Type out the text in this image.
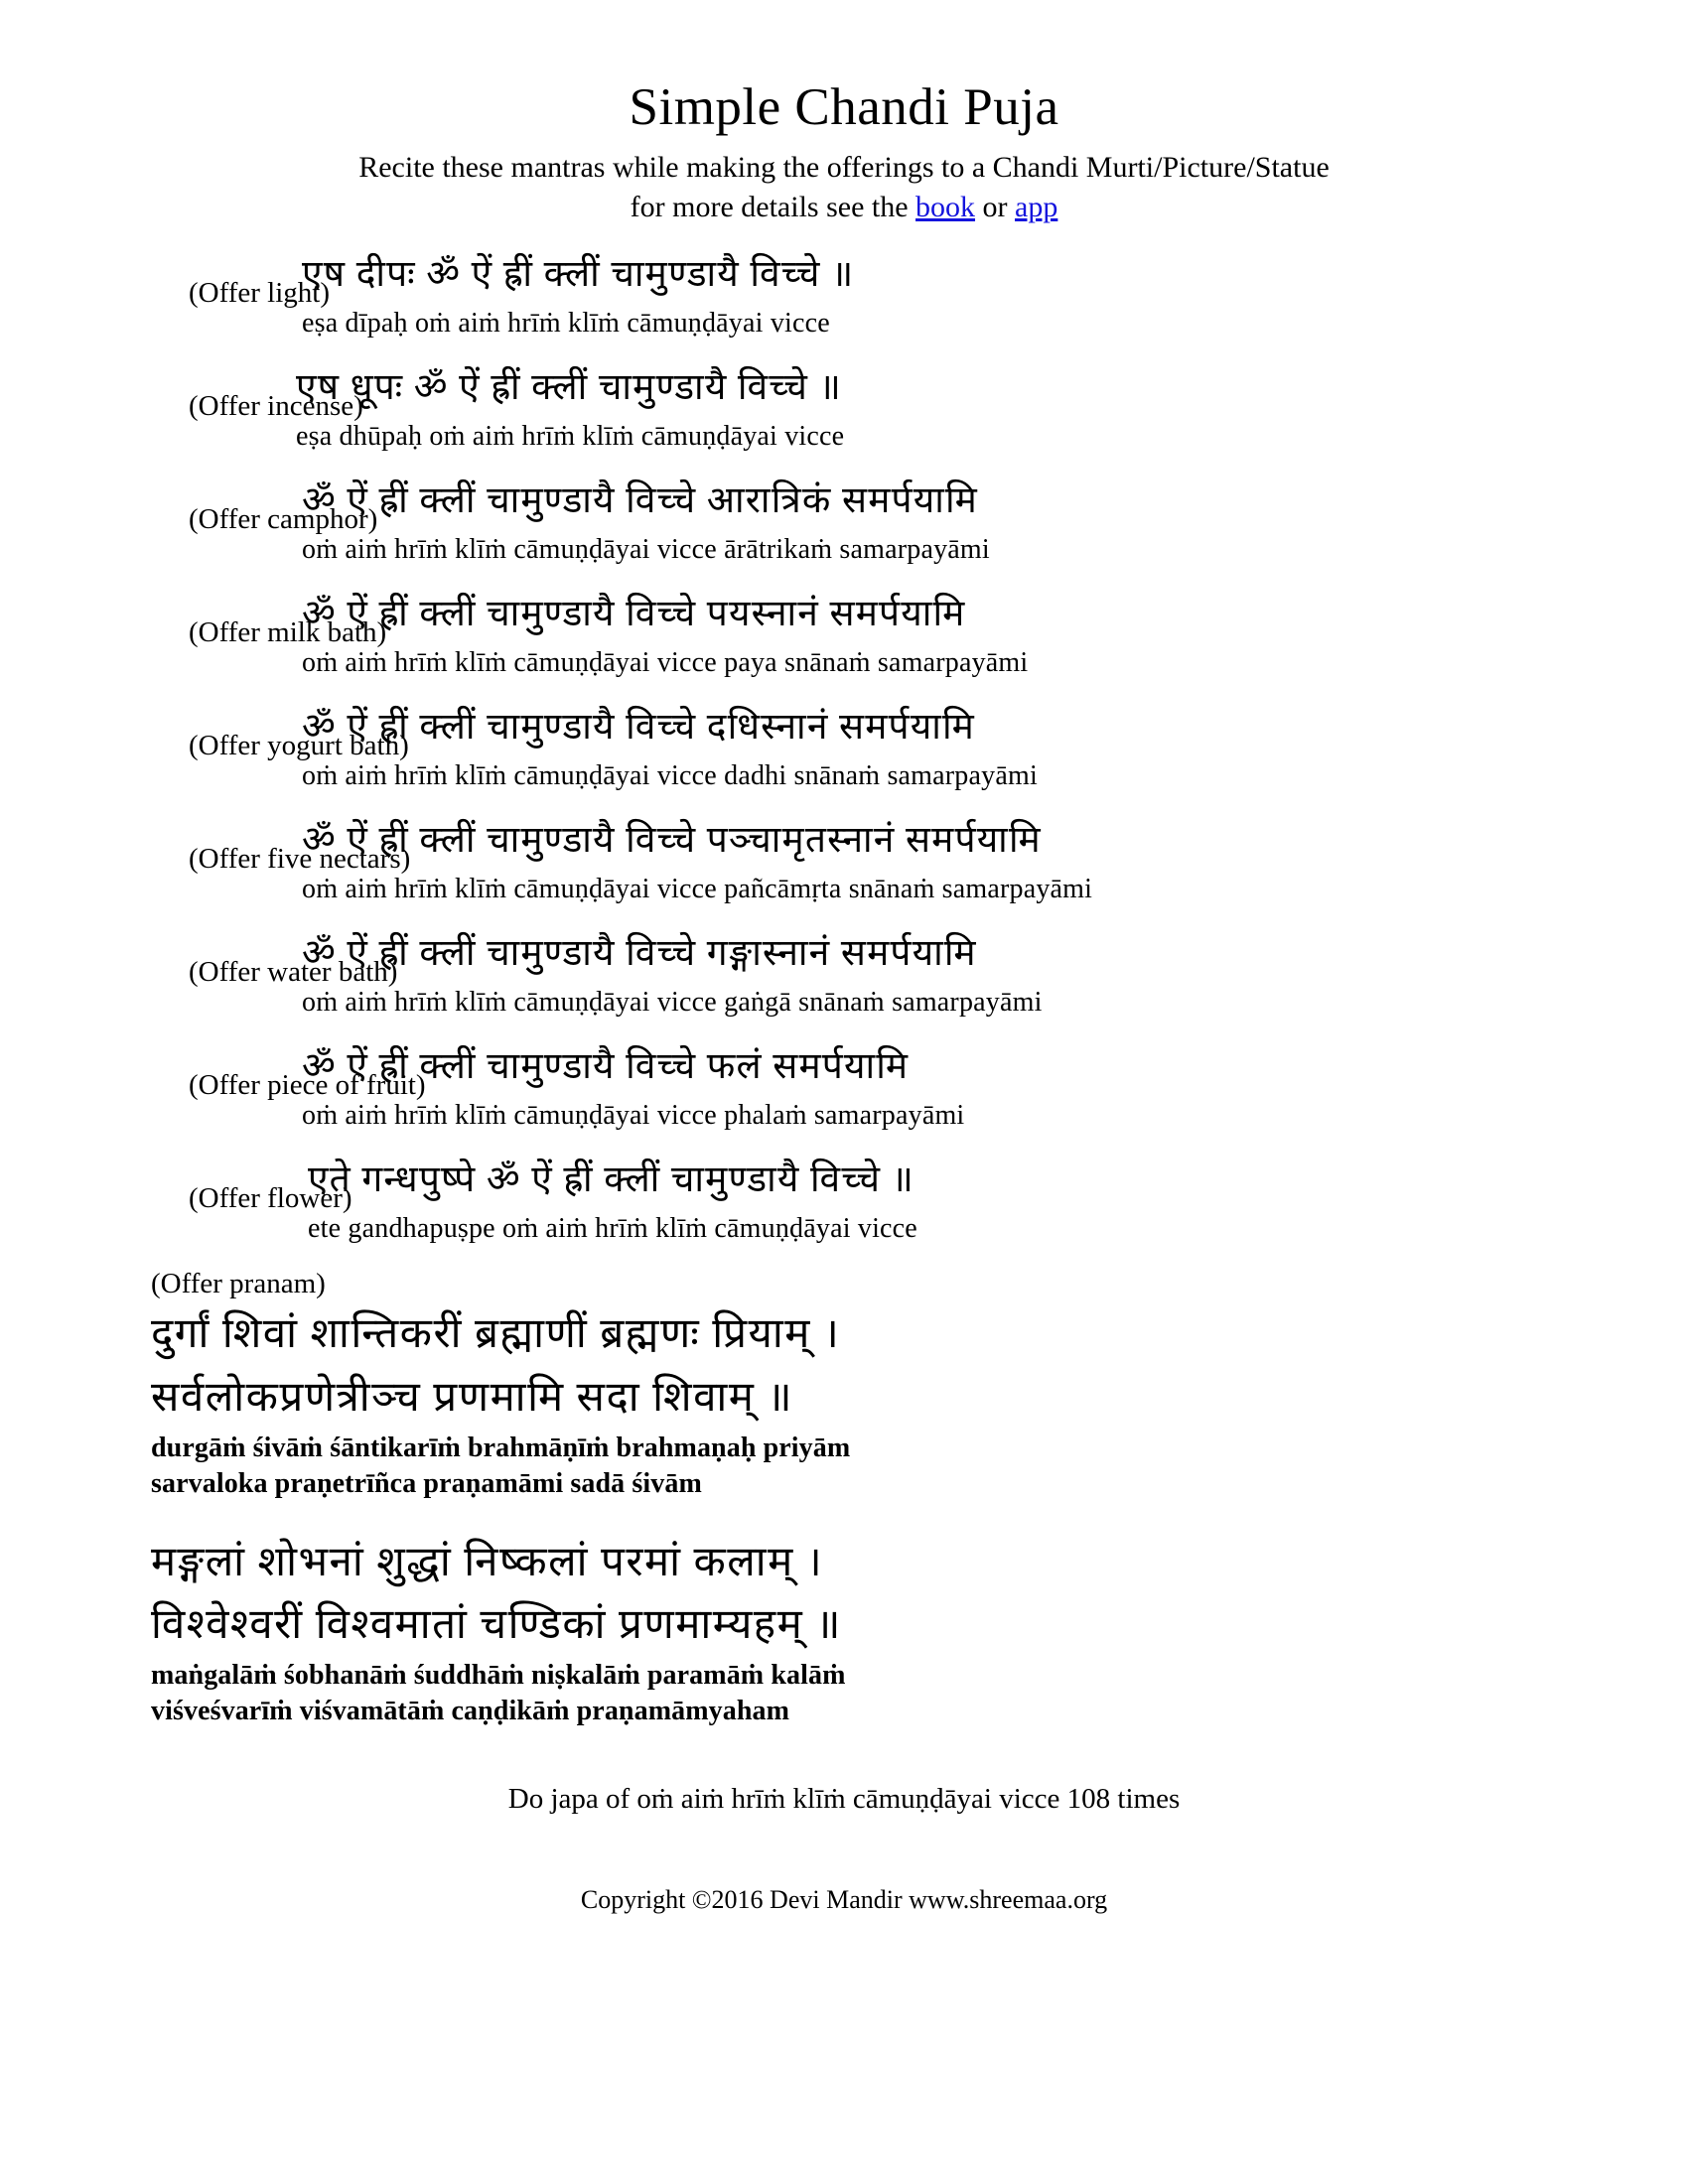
Simple Chandi Puja

Recite these mantras while making the offerings to a Chandi Murti/Picture/Statue

for more details see the book or app

(Offer light)

एष दीपः ॐ ऐं ह्रीं क्लीं चामुण्डायै विच्चे ॥

eṣa dīpaḥ oṁ aiṁ hrīṁ klīṁ cāmuṇḍāyai vicce

(Offer incense)

एष धूपः ॐ ऐं ह्रीं क्लीं चामुण्डायै विच्चे ॥

eṣa dhūpaḥ oṁ aiṁ hrīṁ klīṁ cāmuṇḍāyai vicce

(Offer camphor)

ॐ ऐं ह्रीं क्लीं चामुण्डायै विच्चे आरात्रिकं समर्पयामि

oṁ aiṁ hrīṁ klīṁ cāmuṇḍāyai vicce ārātrikaṁ samarpayāmi

(Offer milk bath)

ॐ ऐं ह्रीं क्लीं चामुण्डायै विच्चे पयस्नानं समर्पयामि

oṁ aiṁ hrīṁ klīṁ cāmuṇḍāyai vicce paya snānaṁ samarpayāmi

(Offer yogurt bath)

ॐ ऐं ह्रीं क्लीं चामुण्डायै विच्चे दधिस्नानं समर्पयामि

oṁ aiṁ hrīṁ klīṁ cāmuṇḍāyai vicce dadhi snānaṁ samarpayāmi

(Offer five nectars)

ॐ ऐं ह्रीं क्लीं चामुण्डायै विच्चे पञ्चामृतस्नानं समर्पयामि

oṁ aiṁ hrīṁ klīṁ cāmuṇḍāyai vicce pañcāmṛta snānaṁ samarpayāmi

(Offer water bath)

ॐ ऐं ह्रीं क्लीं चामुण्डायै विच्चे गङ्गास्नानं समर्पयामि

oṁ aiṁ hrīṁ klīṁ cāmuṇḍāyai vicce gaṅgā snānaṁ samarpayāmi

(Offer piece of fruit)

ॐ ऐं ह्रीं क्लीं चामुण्डायै विच्चे फलं समर्पयामि

oṁ aiṁ hrīṁ klīṁ cāmuṇḍāyai vicce phalaṁ samarpayāmi

(Offer flower)

एते गन्धपुष्पे ॐ ऐं ह्रीं क्लीं चामुण्डायै विच्चे ॥

ete gandhapuṣpe oṁ aiṁ hrīṁ klīṁ cāmuṇḍāyai vicce

(Offer pranam)

दुर्गां शिवां शान्तिकरीं ब्रह्माणीं ब्रह्मणः प्रियाम् ।

सर्वलोकप्रणेत्रीञ्च प्रणमामि सदा शिवाम् ॥

durgāṁ śivāṁ śāntikarīṁ brahmāṇīṁ brahmaṇaḥ priyām

sarvaloka praṇetrīñca praṇamāmi sadā śivām

मङ्गलां शोभनां शुद्धां निष्कलां परमां कलाम् ।

विश्वेश्वरीं विश्वमातां चण्डिकां प्रणमाम्यहम् ॥

maṅgalāṁ śobhanāṁ śuddhāṁ niṣkalāṁ paramāṁ kalāṁ

viśveśvarīṁ viśvamātāṁ caṇḍikāṁ praṇamāmyaham

Do japa of oṁ aiṁ hrīṁ klīṁ cāmuṇḍāyai vicce 108 times

Copyright ©2016 Devi Mandir www.shreemaa.org
